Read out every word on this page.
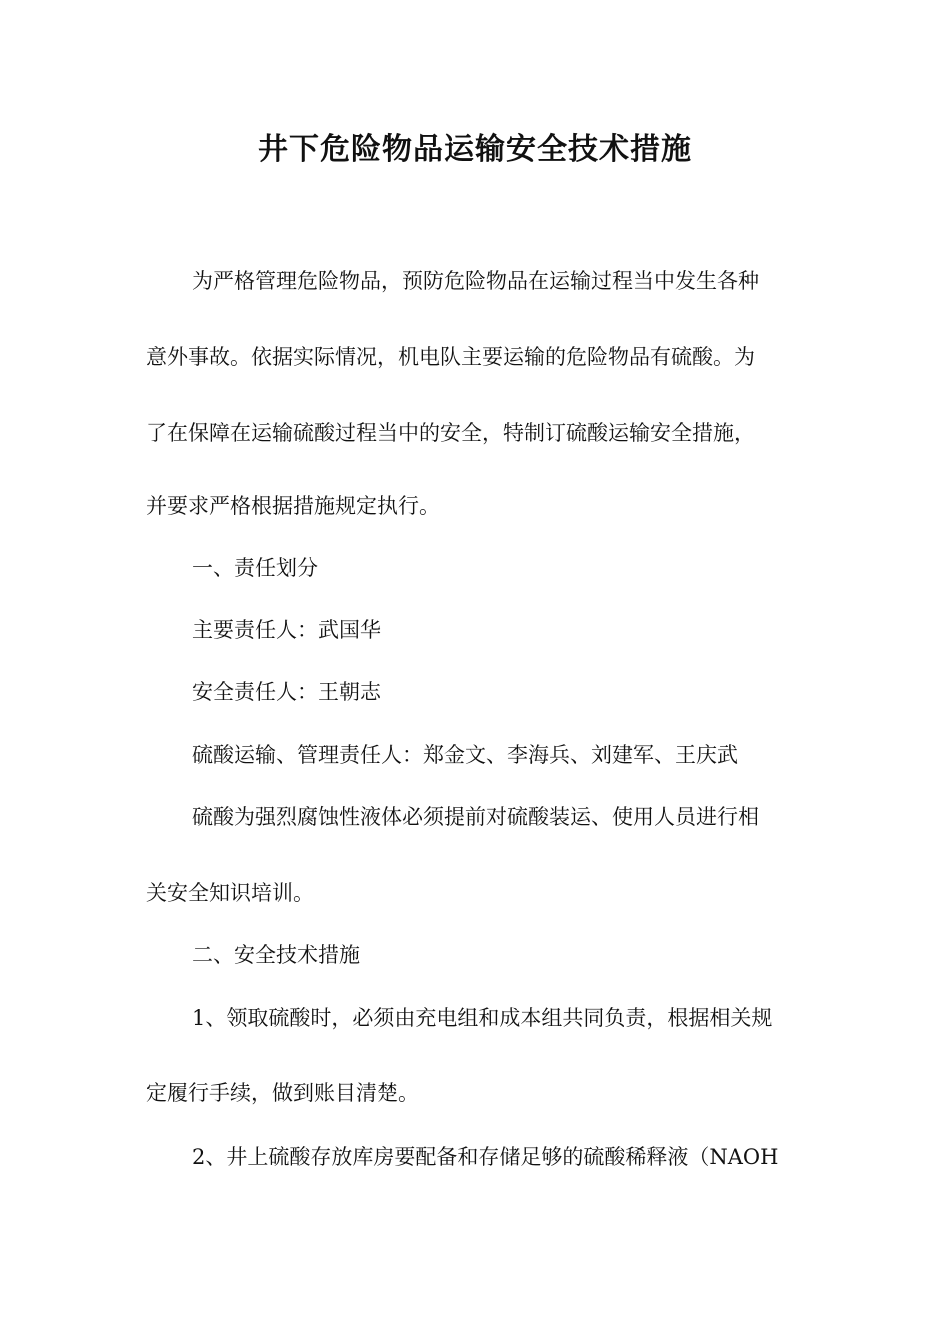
井下危险物品运输安全技术措施

为严格管理危险物品，预防危险物品在运输过程当中发生各种

意外事故。依据实际情况，机电队主要运输的危险物品有硫酸。为

了在保障在运输硫酸过程当中的安全，特制订硫酸运输安全措施，

并要求严格根据措施规定执行。

一、责任划分

主要责任人：武国华

安全责任人：王朝志

硫酸运输、管理责任人：郑金文、李海兵、刘建军、王庆武

硫酸为强烈腐蚀性液体必须提前对硫酸装运、使用人员进行相

关安全知识培训。

二、安全技术措施

1、领取硫酸时，必须由充电组和成本组共同负责，根据相关规

定履行手续，做到账目清楚。

2、井上硫酸存放库房要配备和存储足够的硫酸稀释液（NAOH
